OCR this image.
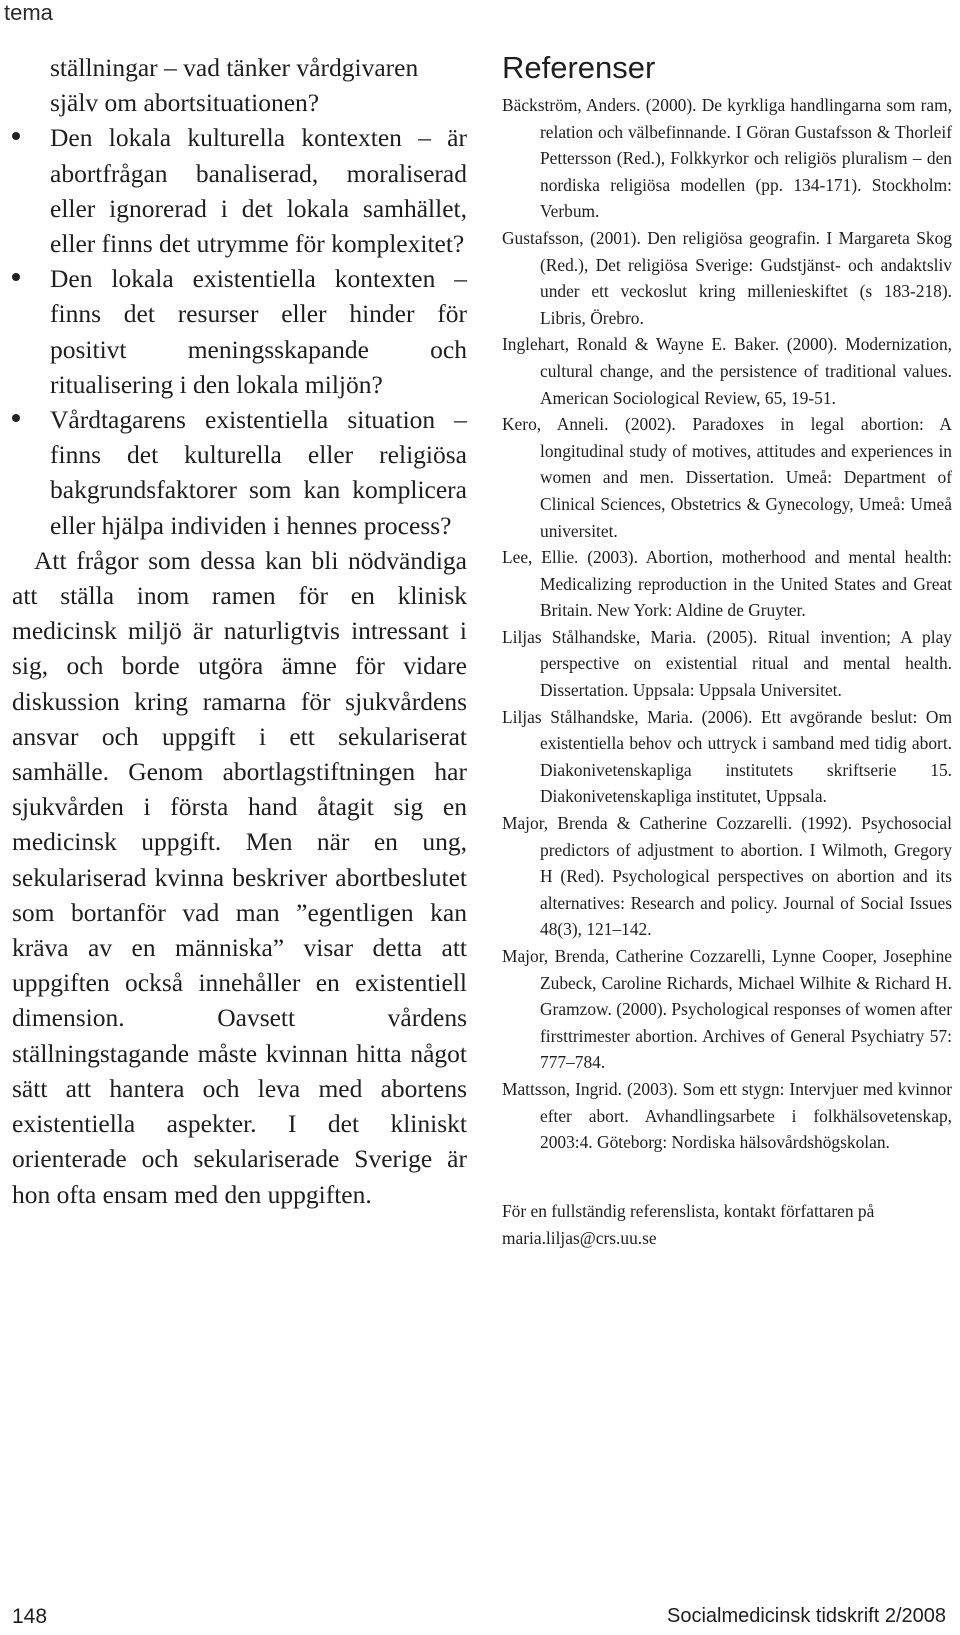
tema

ställningar – vad tänker vårdgivaren själv om abortsituationen?

Den lokala kulturella kontexten – är abortfrågan banaliserad, moraliserad eller ignorerad i det lokala samhället, eller finns det utrymme för komplexitet?
Den lokala existentiella kontexten – finns det resurser eller hinder för positivt meningsskapande och ritualisering i den lokala miljön?
Vårdtagarens existentiella situation – finns det kulturella eller religiösa bakgrundsfaktorer som kan komplicera eller hjälpa individen i hennes process?

Att frågor som dessa kan bli nödvändiga att ställa inom ramen för en klinisk medicinsk miljö är naturligtvis intressant i sig, och borde utgöra ämne för vidare diskussion kring ramarna för sjukvårdens ansvar och uppgift i ett sekulariserat samhälle. Genom abortlagstiftningen har sjukvården i första hand åtagit sig en medicinsk uppgift. Men när en ung, sekulariserad kvinna beskriver abortbeslutet som bortanför vad man ”egentligen kan kräva av en människa” visar detta att uppgiften också innehåller en existentiell dimension. Oavsett vårdens ställningstagande måste kvinnan hitta något sätt att hantera och leva med abortens existentiella aspekter. I det kliniskt orienterade och sekulariserade Sverige är hon ofta ensam med den uppgiften.

Referenser
Bäckström, Anders. (2000). De kyrkliga handlingarna som ram, relation och välbefinnande. I Göran Gustafsson & Thorleif Pettersson (Red.), Folkkyrkor och religiös pluralism – den nordiska religiösa modellen (pp. 134-171). Stockholm: Verbum.
Gustafsson, (2001). Den religiösa geografin. I Margareta Skog (Red.), Det religiösa Sverige: Gudstjänst- och andaktsliv under ett veckoslut kring millenieskiftet (s 183-218). Libris, Örebro.
Inglehart, Ronald & Wayne E. Baker. (2000). Modernization, cultural change, and the persistence of traditional values. American Sociological Review, 65, 19-51.
Kero, Anneli. (2002). Paradoxes in legal abortion: A longitudinal study of motives, attitudes and experiences in women and men. Dissertation. Umeå: Department of Clinical Sciences, Obstetrics & Gynecology, Umeå: Umeå universitet.
Lee, Ellie. (2003). Abortion, motherhood and mental health: Medicalizing reproduction in the United States and Great Britain. New York: Aldine de Gruyter.
Liljas Stålhandske, Maria. (2005). Ritual invention; A play perspective on existential ritual and mental health. Dissertation. Uppsala: Uppsala Universitet.
Liljas Stålhandske, Maria. (2006). Ett avgörande beslut: Om existentiella behov och uttryck i samband med tidig abort. Diakonivetenskapliga institutets skriftserie 15. Diakonivetenskapliga institutet, Uppsala.
Major, Brenda & Catherine Cozzarelli. (1992). Psychosocial predictors of adjustment to abortion. I Wilmoth, Gregory H (Red). Psychological perspectives on abortion and its alternatives: Research and policy. Journal of Social Issues 48(3), 121–142.
Major, Brenda, Catherine Cozzarelli, Lynne Cooper, Josephine Zubeck, Caroline Richards, Michael Wilhite & Richard H. Gramzow. (2000). Psychological responses of women after firsttrimester abortion. Archives of General Psychiatry 57: 777–784.
Mattsson, Ingrid. (2003). Som ett stygn: Intervjuer med kvinnor efter abort. Avhandlingsarbete i folkhälsovetenskap, 2003:4. Göteborg: Nordiska hälsovårdshögskolan.

För en fullständig referenslista, kontakt författaren på maria.liljas@crs.uu.se

148	Socialmedicinsk tidskrift 2/2008
